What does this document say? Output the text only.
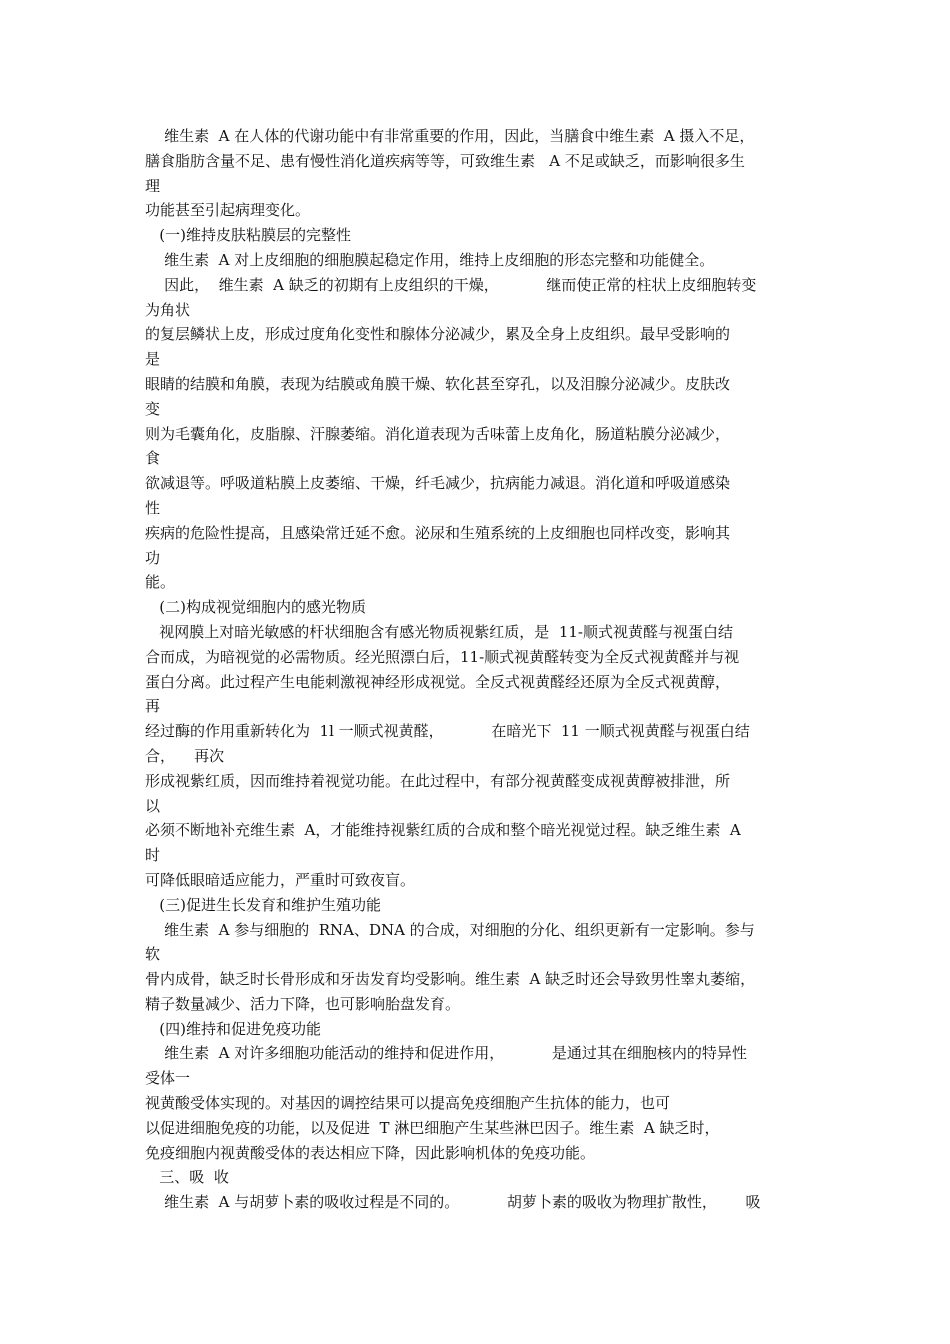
维生素  A 在人体的代谢功能中有非常重要的作用，因此，当膳食中维生素  A 摄入不足，
膳食脂肪含量不足、患有慢性消化道疾病等等，可致维生素   A 不足或缺乏，而影响很多生
理
功能甚至引起病理变化。
(一)维持皮肤粘膜层的完整性
维生素  A 对上皮细胞的细胞膜起稳定作用，维持上皮细胞的形态完整和功能健全。
因此，  维生素  A 缺乏的初期有上皮组织的干燥，          继而使正常的柱状上皮细胞转变
为角状
的复层鳞状上皮，形成过度角化变性和腺体分泌减少，累及全身上皮组织。最早受影响的
是
眼睛的结膜和角膜，表现为结膜或角膜干燥、软化甚至穿孔，以及泪腺分泌减少。皮肤改
变
则为毛囊角化，皮脂腺、汗腺萎缩。消化道表现为舌味蕾上皮角化，肠道粘膜分泌减少，
食
欲减退等。呼吸道粘膜上皮萎缩、干燥，纤毛减少，抗病能力减退。消化道和呼吸道感染
性
疾病的危险性提高，且感染常迁延不愈。泌尿和生殖系统的上皮细胞也同样改变，影响其
功
能。
(二)构成视觉细胞内的感光物质
视网膜上对暗光敏感的杆状细胞含有感光物质视紫红质，是  11-顺式视黄醛与视蛋白结
合而成，为暗视觉的必需物质。经光照漂白后，11-顺式视黄醛转变为全反式视黄醛并与视
蛋白分离。此过程产生电能刺激视神经形成视觉。全反式视黄醛经还原为全反式视黄醇，
再
经过酶的作用重新转化为  1l 一顺式视黄醛，          在暗光下  11 一顺式视黄醛与视蛋白结
合，    再次
形成视紫红质，因而维持着视觉功能。在此过程中，有部分视黄醛变成视黄醇被排泄，所
以
必须不断地补充维生素  A，才能维持视紫红质的合成和整个暗光视觉过程。缺乏维生素  A
时
可降低眼暗适应能力，严重时可致夜盲。
(三)促进生长发育和维护生殖功能
维生素  A 参与细胞的  RNA、DNA 的合成，对细胞的分化、组织更新有一定影响。参与
软
骨内成骨，缺乏时长骨形成和牙齿发育均受影响。维生素  A 缺乏时还会导致男性睾丸萎缩，
精子数量减少、活力下降，也可影响胎盘发育。
(四)维持和促进免疫功能
维生素  A 对许多细胞功能活动的维持和促进作用，          是通过其在细胞核内的特异性
受体一
视黄酸受体实现的。对基因的调控结果可以提高免疫细胞产生抗体的能力，也可
以促进细胞免疫的功能，以及促进  T 淋巴细胞产生某些淋巴因子。维生素  A 缺乏时，
免疫细胞内视黄酸受体的表达相应下降，因此影响机体的免疫功能。
三、吸  收
维生素  A 与胡萝卜素的吸收过程是不同的。          胡萝卜素的吸收为物理扩散性，      吸
